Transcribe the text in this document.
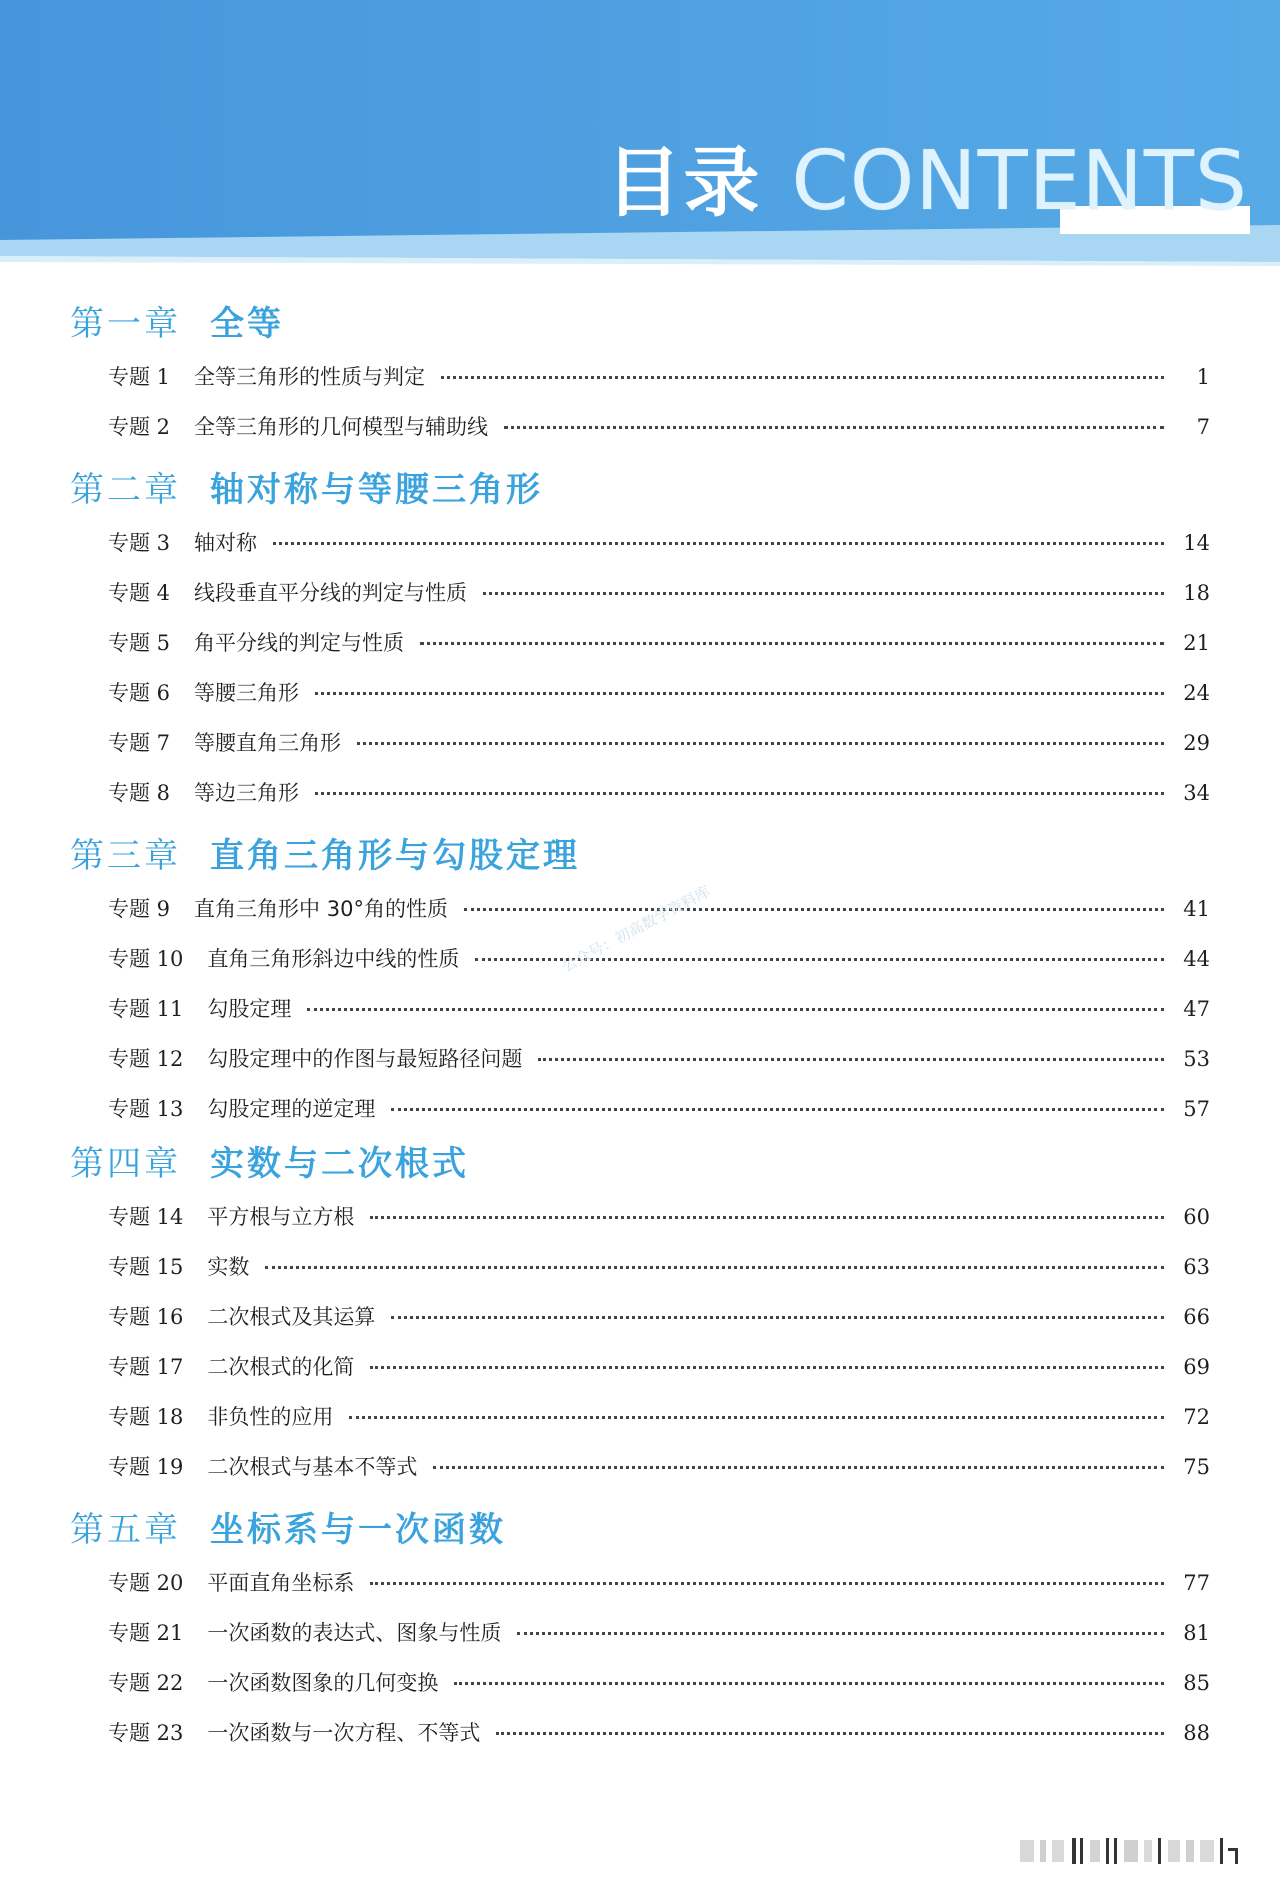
目录 CONTENTS
第一章 全等
专题 1 全等三角形的性质与判定	1
专题 2 全等三角形的几何模型与辅助线	7
第二章 轴对称与等腰三角形
专题 3 轴对称	14
专题 4 线段垂直平分线的判定与性质	18
专题 5 角平分线的判定与性质	21
专题 6 等腰三角形	24
专题 7 等腰直角三角形	29
专题 8 等边三角形	34
第三章 直角三角形与勾股定理
专题 9 直角三角形中 30°角的性质	41
专题 10 直角三角形斜边中线的性质	44
专题 11 勾股定理	47
专题 12 勾股定理中的作图与最短路径问题	53
专题 13 勾股定理的逆定理	57
第四章 实数与二次根式
专题 14 平方根与立方根	60
专题 15 实数	63
专题 16 二次根式及其运算	66
专题 17 二次根式的化简	69
专题 18 非负性的应用	72
专题 19 二次根式与基本不等式	75
第五章 坐标系与一次函数
专题 20 平面直角坐标系	77
专题 21 一次函数的表达式、图象与性质	81
专题 22 一次函数图象的几何变换	85
专题 23 一次函数与一次方程、不等式	88
公众号：初高数学资料库
